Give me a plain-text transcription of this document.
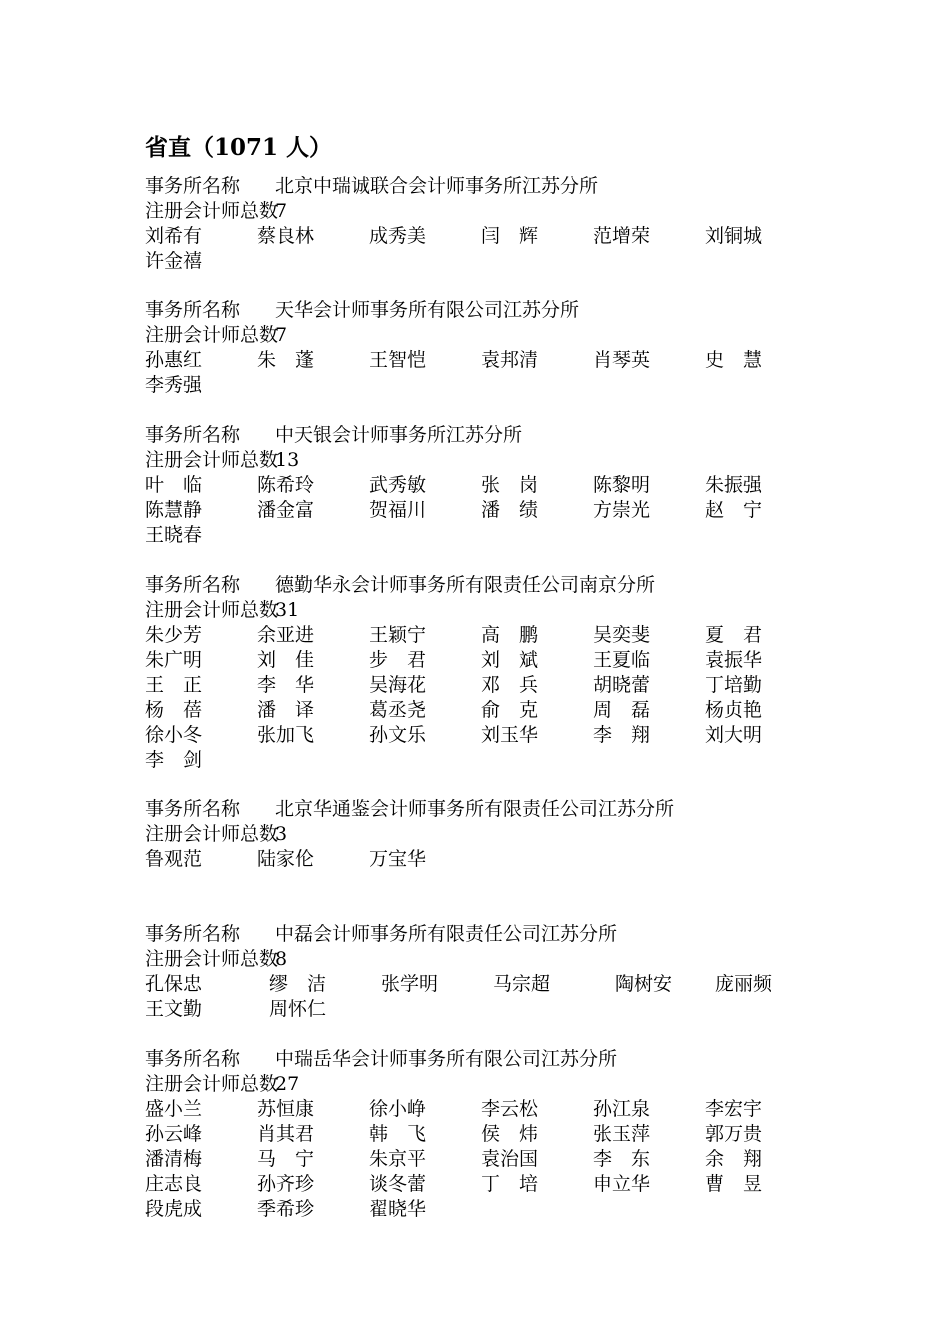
省直（1071 人）
事务所名称 北京中瑞诚联合会计师事务所江苏分所
注册会计师总数7
刘希有	蔡良林	成秀美	闫　辉	范增荣	刘铜城
许金禧
事务所名称 天华会计师事务所有限公司江苏分所
注册会计师总数7
孙惠红	朱　蓬	王智恺	袁邦清	肖琴英	史　慧
李秀强
事务所名称 中天银会计师事务所江苏分所
注册会计师总数13
叶　临	陈希玲	武秀敏	张　岗	陈黎明	朱振强
陈慧静	潘金富	贺福川	潘　绩	方崇光	赵　宁
王晓春
事务所名称 德勤华永会计师事务所有限责任公司南京分所
注册会计师总数31
朱少芳	余亚进	王颖宁	高　鹏	吴奕斐	夏　君
朱广明	刘　佳	步　君	刘　斌	王夏临	袁振华
王　正	李　华	吴海花	邓　兵	胡晓蕾	丁培勤
杨　蓓	潘　译	葛丞尧	俞　克	周　磊	杨贞艳
徐小冬	张加飞	孙文乐	刘玉华	李　翔	刘大明
李　剑
事务所名称 北京华通鉴会计师事务所有限责任公司江苏分所
注册会计师总数3
鲁观范	陆家伦	万宝华
事务所名称 中磊会计师事务所有限责任公司江苏分所
注册会计师总数8
孔保忠	缪　洁	张学明	马宗超	陶树安 庞丽频
王文勤	周怀仁
事务所名称 中瑞岳华会计师事务所有限公司江苏分所
注册会计师总数27
盛小兰	苏恒康	徐小峥	李云松	孙江泉	李宏宇
孙云峰	肖其君	韩　飞	侯　炜	张玉萍	郭万贵
潘清梅	马　宁	朱京平	袁治国	李　东	余　翔
庄志良	孙齐珍	谈冬蕾	丁　培	申立华	曹　昱
段虎成	季希珍	翟晓华
